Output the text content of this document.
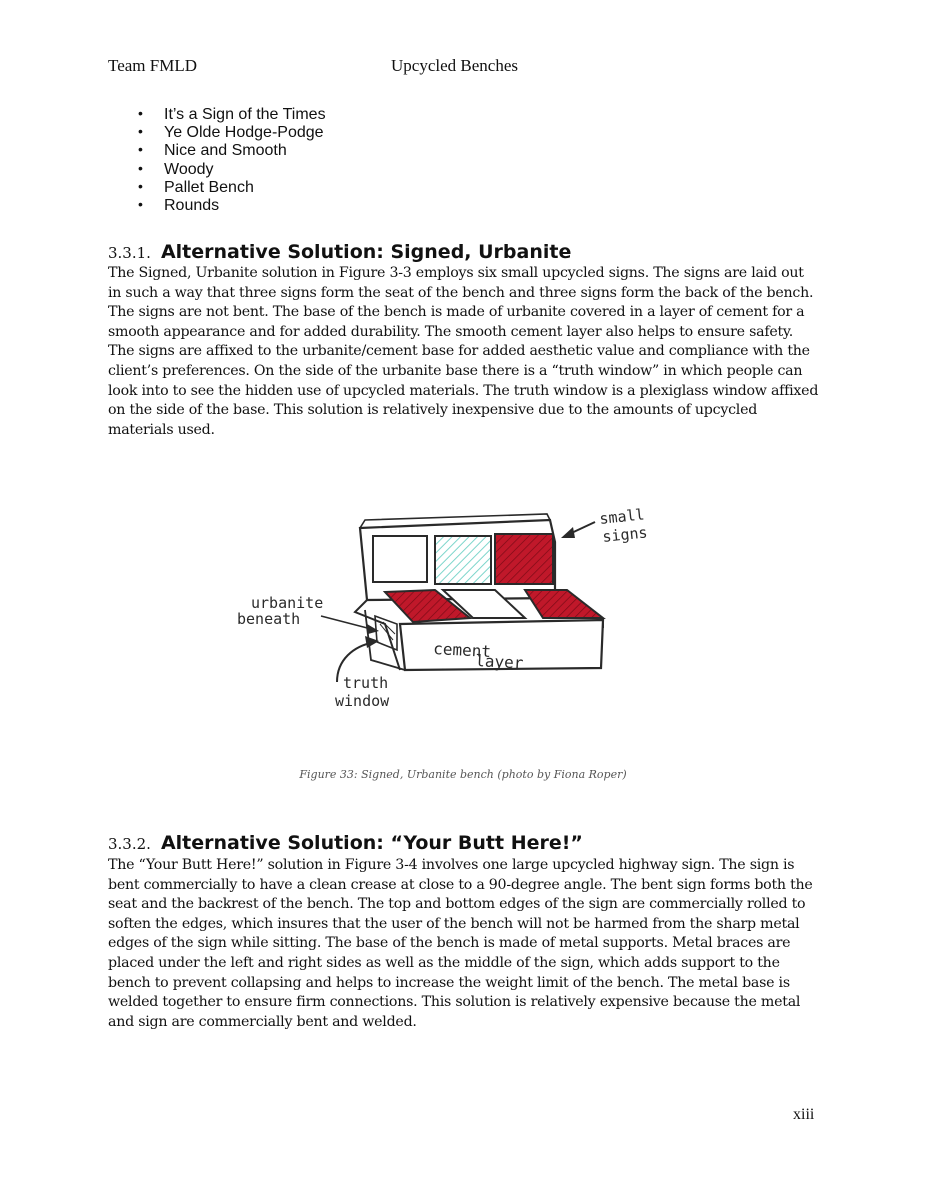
Team FMLD	Upcycled Benches
• It’s a Sign of the Times
• Ye Olde Hodge-Podge
• Nice and Smooth
• Woody
• Pallet Bench
• Rounds
3.3.1. Alternative Solution: Signed, Urbanite

The Signed, Urbanite solution in Figure 3-3 employs six small upcycled signs. The signs are laid out in such a way that three signs form the seat of the bench and three signs form the back of the bench. The signs are not bent. The base of the bench is made of urbanite covered in a layer of cement for a smooth appearance and for added durability. The smooth cement layer also helps to ensure safety. The signs are affixed to the urbanite/cement base for added aesthetic value and compliance with the client’s preferences. On the side of the urbanite base there is a “truth window” in which people can look into to see the hidden use of upcycled materials. The truth window is a plexiglass window affixed on the side of the base. This solution is relatively inexpensive due to the amounts of upcycled materials used.

small
signs
urbanite
beneath
cement
layer
truth
window
Figure 33: Signed, Urbanite bench (photo by Fiona Roper)
3.3.2. Alternative Solution: “Your Butt Here!”

The “Your Butt Here!” solution in Figure 3-4 involves one large upcycled highway sign. The sign is bent commercially to have a clean crease at close to a 90-degree angle. The bent sign forms both the seat and the backrest of the bench. The top and bottom edges of the sign are commercially rolled to soften the edges, which insures that the user of the bench will not be harmed from the sharp metal edges of the sign while sitting. The base of the bench is made of metal supports. Metal braces are placed under the left and right sides as well as the middle of the sign, which adds support to the bench to prevent collapsing and helps to increase the weight limit of the bench. The metal base is welded together to ensure firm connections. This solution is relatively expensive because the metal and sign are commercially bent and welded.

xiii
